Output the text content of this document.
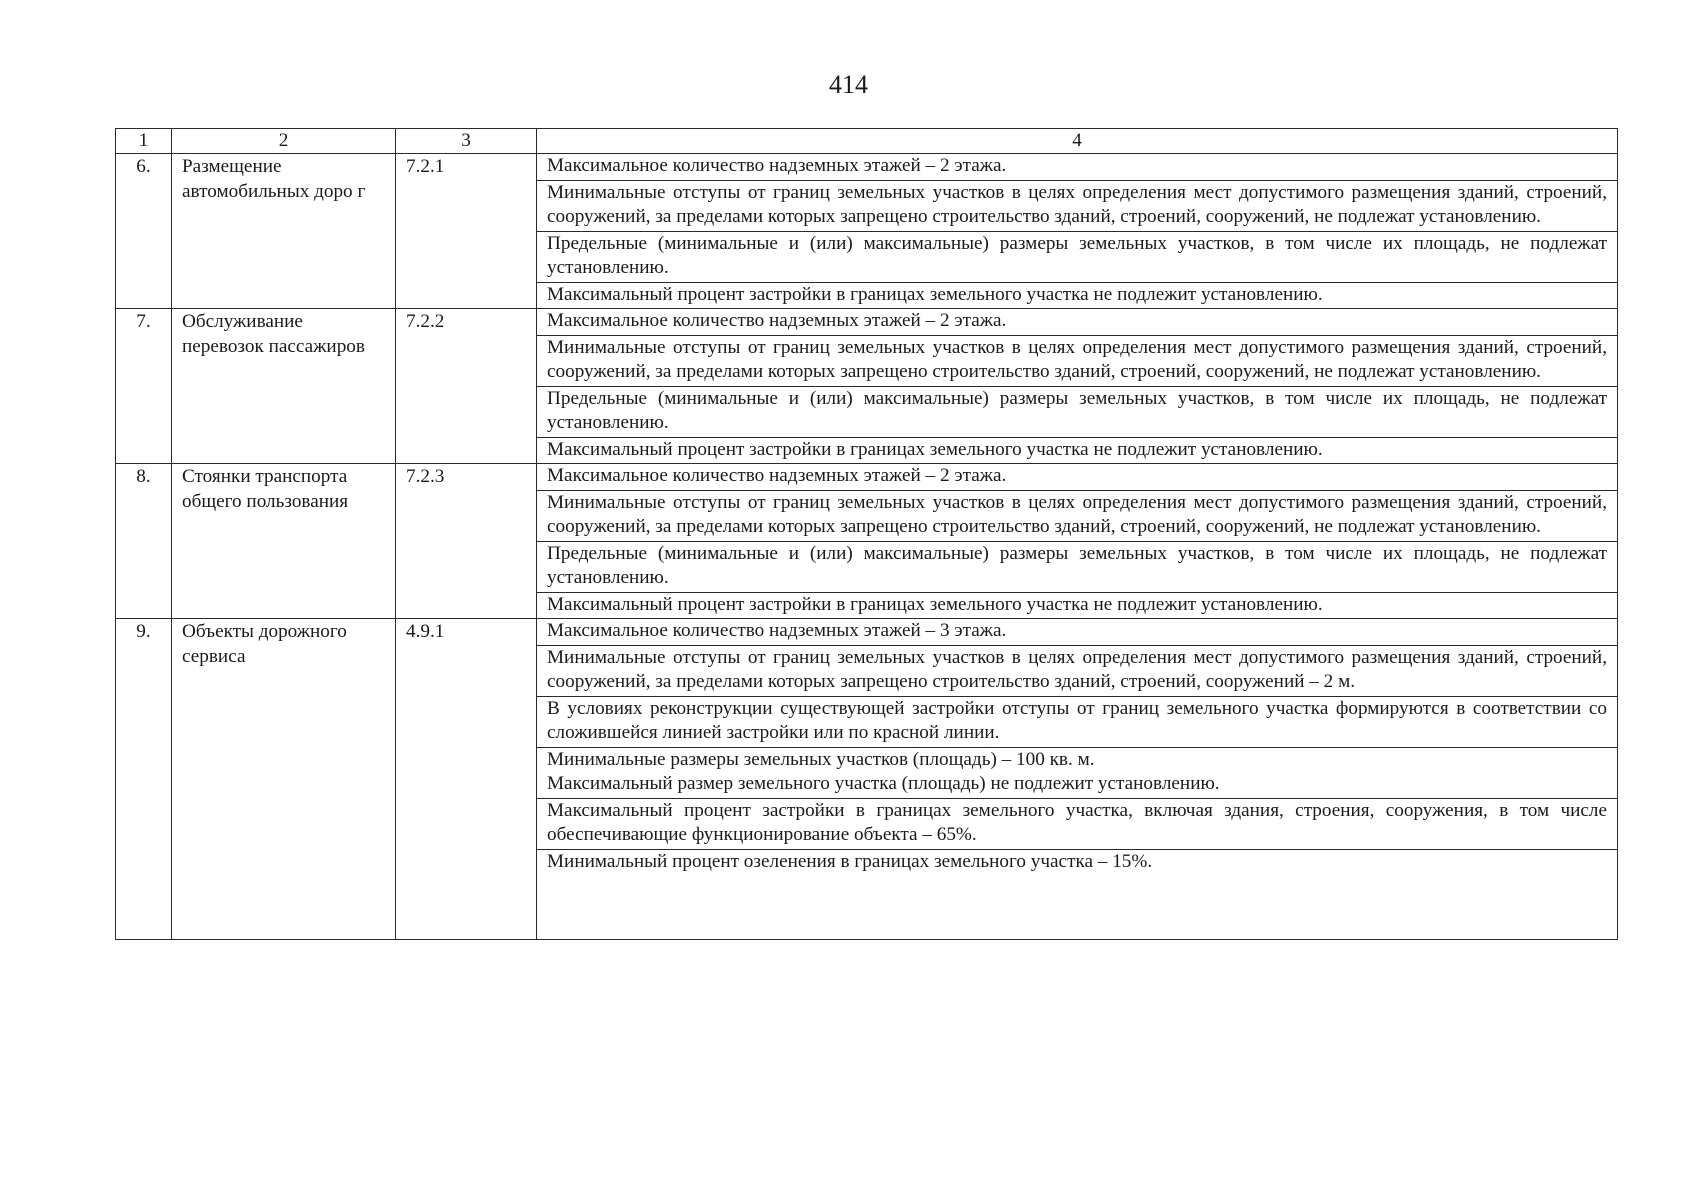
414
1	2	3	4
6.	Размещение автомобильных доро г	7.2.1	Максимальное количество надземных этажей – 2 этажа.
			Минимальные отступы от границ земельных участков в целях определения мест допустимого размещения зданий, строений, сооружений, за пределами которых запрещено строительство зданий, строений, сооружений, не подлежат установлению.
			Предельные (минимальные и (или) максимальные) размеры земельных участков, в том числе их площадь, не подлежат установлению.
			Максимальный процент застройки в границах земельного участка не подлежит установлению.
7.	Обслуживание перевозок пассажиров	7.2.2	Максимальное количество надземных этажей – 2 этажа.
			Минимальные отступы от границ земельных участков в целях определения мест допустимого размещения зданий, строений, сооружений, за пределами которых запрещено строительство зданий, строений, сооружений, не подлежат установлению.
			Предельные (минимальные и (или) максимальные) размеры земельных участков, в том числе их площадь, не подлежат установлению.
			Максимальный процент застройки в границах земельного участка не подлежит установлению.
8.	Стоянки транспорта общего пользования	7.2.3	Максимальное количество надземных этажей – 2 этажа.
			Минимальные отступы от границ земельных участков в целях определения мест допустимого размещения зданий, строений, сооружений, за пределами которых запрещено строительство зданий, строений, сооружений, не подлежат установлению.
			Предельные (минимальные и (или) максимальные) размеры земельных участков, в том числе их площадь, не подлежат установлению.
			Максимальный процент застройки в границах земельного участка не подлежит установлению.
9.	Объекты дорожного сервиса	4.9.1	Максимальное количество надземных этажей – 3 этажа.
			Минимальные отступы от границ земельных участков в целях определения мест допустимого размещения зданий, строений, сооружений, за пределами которых запрещено строительство зданий, строений, сооружений – 2 м.
			В условиях реконструкции существующей застройки отступы от границ земельного участка формируются в соответствии со сложившейся линией застройки или по красной линии.

			Минимальные размеры земельных участков (площадь) – 100 кв. м.
Максимальный размер земельного участка (площадь) не подлежит установлению.

			Максимальный процент застройки в границах земельного участка, включая здания, строения, сооружения, в том числе обеспечивающие функционирование объекта – 65%.
			Минимальный процент озеленения в границах земельного участка – 15%.
